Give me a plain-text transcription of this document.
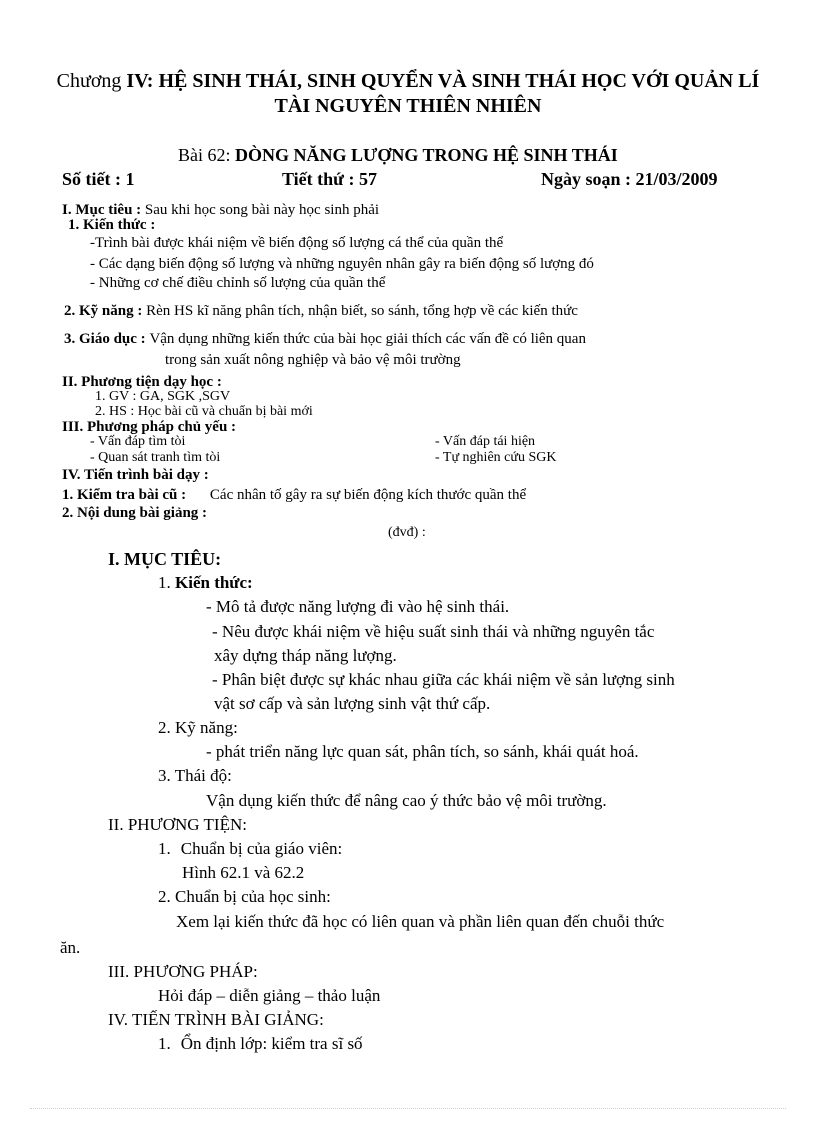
Chương IV: HỆ SINH THÁI, SINH QUYỂN VÀ SINH THÁI HỌC VỚI QUẢN LÍ
TÀI NGUYÊN THIÊN NHIÊN
Bài 62: DÒNG NĂNG LƯỢNG TRONG HỆ SINH THÁI
Số tiết : 1	Tiết thứ : 57	Ngày soạn : 21/03/2009
I. Mục tiêu : Sau khi học song bài này học sinh phải
1. Kiến thức :
-Trình bài được khái niệm về biến động số lượng cá thể của quần thể
- Các dạng biến động số lượng và những nguyên nhân gây ra biến động số lượng đó
- Những cơ chế điều chỉnh số lượng của quần thể
2. Kỹ năng : Rèn HS kĩ năng phân tích, nhận biết, so sánh, tổng hợp về các kiến thức
3. Giáo dục : Vận dụng những kiến thức của bài học giải thích các vấn đề có liên quan
trong sản xuất nông nghiệp và bảo vệ môi trường
II. Phương tiện dạy học :
1. GV : GA, SGK ,SGV
2. HS : Học bài cũ và chuẩn bị bài mới
III. Phương pháp chủ yếu :
- Vấn đáp tìm tòi
- Quan sát tranh tìm tòi
- Vấn đáp tái hiện
- Tự nghiên cứu SGK
IV. Tiến trình bài dạy :
1. Kiểm tra bài cũ : Các nhân tố gây ra sự biến động kích thước quần thể
2. Nội dung bài giảng :
(đvđ) :
I. MỤC TIÊU:
1. Kiến thức:
- Mô tả được năng lượng đi vào hệ sinh thái.
- Nêu được khái niệm về hiệu suất sinh thái và những nguyên tắc
xây dựng tháp năng lượng.
- Phân biệt được sự khác nhau giữa các khái niệm về sản lượng sinh
vật sơ cấp và sản lượng sinh vật thứ cấp.
2. Kỹ năng:
- phát triển năng lực quan sát, phân tích, so sánh, khái quát hoá.
3. Thái độ:
Vận dụng kiến thức để nâng cao ý thức bảo vệ môi trường.
II. PHƯƠNG TIỆN:
1. Chuẩn bị của giáo viên:
Hình 62.1 và 62.2
2. Chuẩn bị của học sinh:
Xem lại kiến thức đã học có liên quan và phần liên quan đến chuỗi thức
ăn.
III. PHƯƠNG PHÁP:
Hỏi đáp – diễn giảng – thảo luận
IV. TIẾN TRÌNH BÀI GIẢNG:
1. Ổn định lớp: kiểm tra sĩ số
